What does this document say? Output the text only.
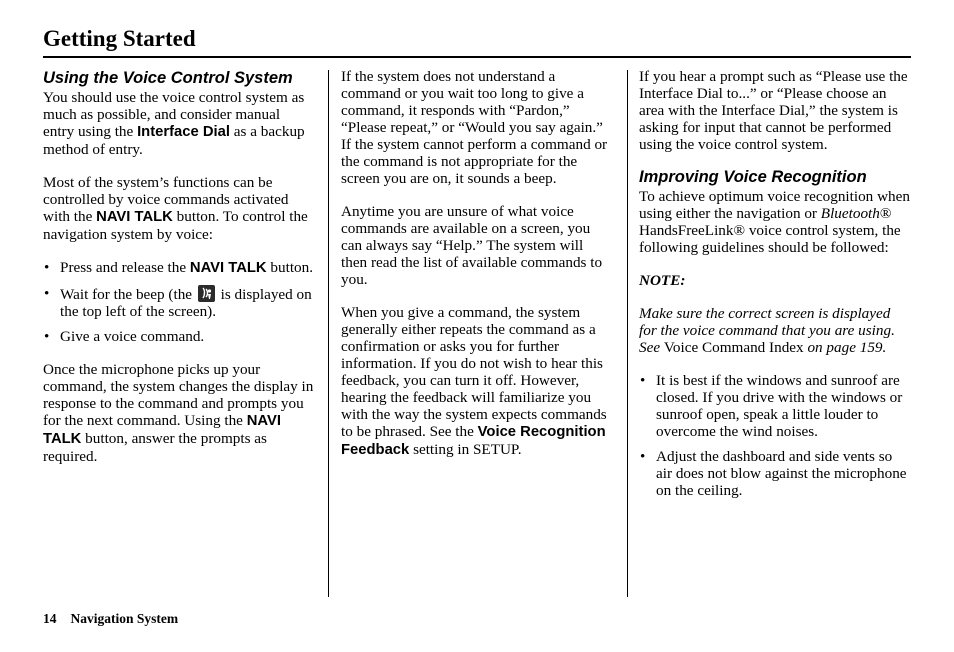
Getting Started
Using the Voice Control System

You should use the voice control system as much as possible, and consider manual entry using the Interface Dial as a backup method of entry.

Most of the system’s functions can be controlled by voice commands activated with the NAVI TALK button. To control the navigation system by voice:

• Press and release the NAVI TALK button.
• Wait for the beep (the
is displayed on the top left of the screen).
• Give a voice command.

Once the microphone picks up your command, the system changes the display in response to the command and prompts you for the next command. Using the NAVI TALK button, answer the prompts as required.

If the system does not understand a command or you wait too long to give a command, it responds with “Pardon,” “Please repeat,” or “Would you say again.” If the system cannot perform a command or the command is not appropriate for the screen you are on, it sounds a beep.

Anytime you are unsure of what voice commands are available on a screen, you can always say “Help.” The system will then read the list of available commands to you.

When you give a command, the system generally either repeats the command as a confirmation or asks you for further information. If you do not wish to hear this feedback, you can turn it off. However, hearing the feedback will familiarize you with the way the system expects commands to be phrased. See the Voice Recognition Feedback setting in SETUP.

If you hear a prompt such as “Please use the Interface Dial to...” or “Please choose an area with the Interface Dial,” the system is asking for input that cannot be performed using the voice control system.

Improving Voice Recognition

To achieve optimum voice recognition when using either the navigation or Bluetooth® HandsFreeLink® voice control system, the following guidelines should be followed:

NOTE:

Make sure the correct screen is displayed for the voice command that you are using. See Voice Command Index on page 159.

• It is best if the windows and sunroof are closed. If you drive with the windows or sunroof open, speak a little louder to overcome the wind noises.
• Adjust the dashboard and side vents so air does not blow against the microphone on the ceiling.
14 Navigation System
